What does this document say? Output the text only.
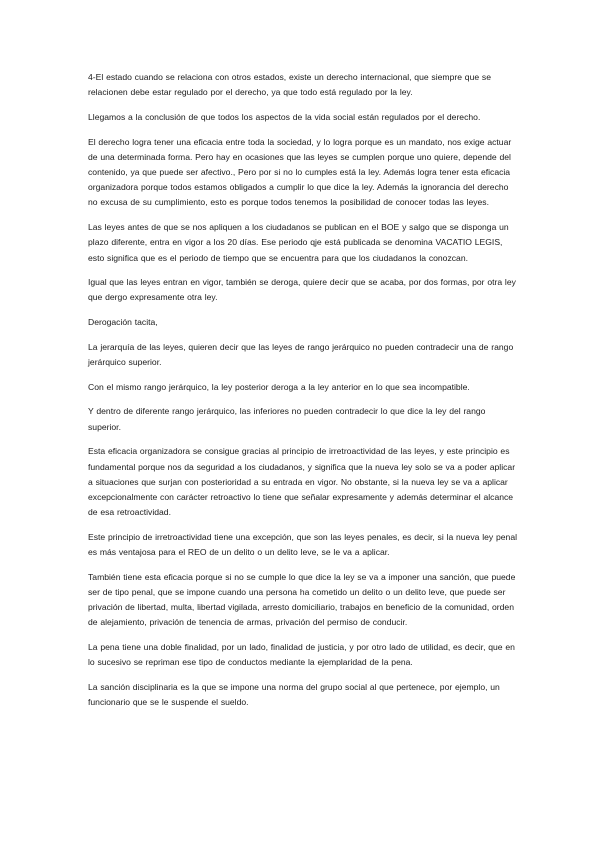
4-El estado cuando se relaciona con otros estados, existe un derecho internacional, que siempre que se relacionen debe estar regulado por el derecho, ya que todo está regulado por la ley.

Llegamos a la conclusión de que todos los aspectos de la vida social están regulados por el derecho.

El derecho logra tener una eficacia entre toda la sociedad, y lo logra porque es un mandato, nos exige actuar de una determinada forma. Pero hay en ocasiones que las leyes se cumplen porque uno quiere, depende del contenido, ya que puede ser afectivo., Pero por si no lo cumples está la ley. Además logra tener esta eficacia organizadora porque todos estamos obligados a cumplir lo que dice la ley. Además la ignorancia del derecho no excusa de su cumplimiento, esto es porque todos tenemos la posibilidad de conocer todas las leyes.

Las leyes antes de que se nos apliquen a los ciudadanos se publican en el BOE y salgo que se disponga un plazo diferente, entra en vigor a los 20 días. Ese periodo qje está publicada se denomina VACATIO LEGIS, esto significa que es el periodo de tiempo que se encuentra para que los ciudadanos la conozcan.

Igual que las leyes entran en vigor, también se deroga, quiere decir que se acaba, por dos formas, por otra ley que dergo expresamente otra ley.

Derogación tacita,

La jerarquía de las leyes, quieren decir que las leyes de rango jerárquico no pueden contradecir una de rango jerárquico superior.

Con el mismo rango jerárquico, la ley posterior deroga a la ley anterior en lo que sea incompatible.

Y dentro de diferente rango jerárquico, las inferiores no pueden contradecir lo que dice la ley del rango superior.

Esta eficacia organizadora se consigue gracias al principio de irretroactividad de las leyes, y este principio es fundamental porque nos da seguridad a los ciudadanos, y significa que la nueva ley solo se va a poder aplicar a situaciones que surjan con posterioridad a su entrada en vigor. No obstante, si la nueva ley se va a aplicar excepcionalmente con carácter retroactivo lo tiene que señalar expresamente y además determinar el alcance de esa retroactividad.

Este principio de irretroactividad tiene una excepción, que son las leyes penales, es decir, si la nueva ley penal es más ventajosa para el REO de un delito o un delito leve, se le va a aplicar.

También tiene esta eficacia porque si no se cumple lo que dice la ley se va a imponer una sanción, que puede ser de tipo penal, que se impone cuando una persona ha cometido un delito o un delito leve, que puede ser privación de libertad, multa, libertad vigilada, arresto domiciliario, trabajos en beneficio de la comunidad, orden de alejamiento, privación de tenencia de armas, privación del permiso de conducir.

La pena tiene una doble finalidad, por un lado, finalidad de justicia, y por otro lado de utilidad, es decir, que en lo sucesivo se repriman ese tipo de conductos mediante la ejemplaridad de la pena.

La sanción disciplinaria es la que se impone una norma del grupo social al que pertenece, por ejemplo, un funcionario que se le suspende el sueldo.
